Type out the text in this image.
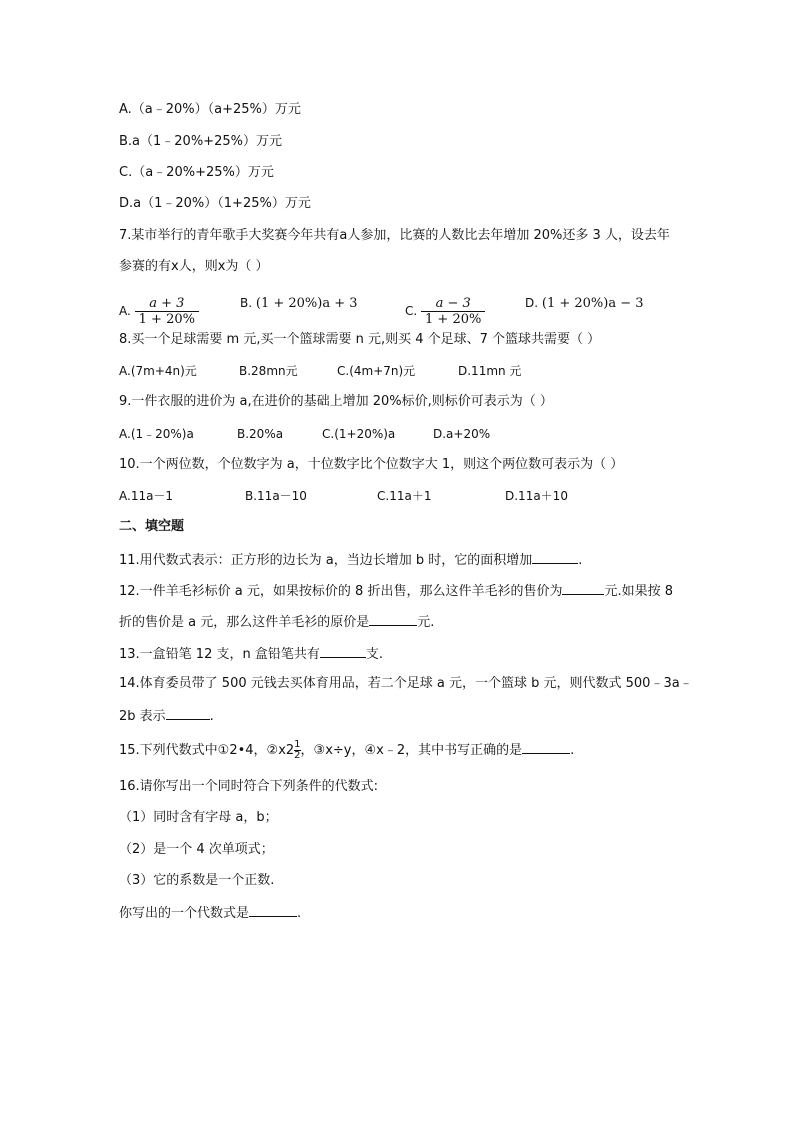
A.（a﹣20%）（a+25%）万元
B.a（1﹣20%+25%）万元
C.（a﹣20%+25%）万元
D.a（1﹣20%）（1+25%）万元
7.某市举行的青年歌手大奖赛今年共有a人参加，比赛的人数比去年增加 20%还多 3 人，设去年
参赛的有x人，则x为（ ）
A. $\frac{a + 3}{1 + 20\%}$	B. (1 + 20%)a + 3	C. $\frac{a - 3}{1 + 20\%}$	D. (1 + 20%)a − 3
8.买一个足球需要 m 元,买一个篮球需要 n 元,则买 4 个足球、7 个篮球共需要（ ）
A.(7m+4n)元	B.28mn元	C.(4m+7n)元	D.11mn 元
9.一件衣服的进价为 a,在进价的基础上增加 20%标价,则标价可表示为（ ）
A.(1﹣20%)a	B.20%a	C.(1+20%)a	D.a+20%
10.一个两位数，个位数字为 a，十位数字比个位数字大 1，则这个两位数可表示为（ ）
A.11a－1	B.11a－10	C.11a＋1	D.11a＋10
二、填空题
11.用代数式表示：正方形的边长为 a，当边长增加 b 时，它的面积增加	.
12.一件羊毛衫标价 a 元，如果按标价的 8 折出售，那么这件羊毛衫的售价为	元.如果按 8
折的售价是 a 元，那么这件羊毛衫的原价是	元.
13.一盒铅笔 12 支，n 盒铅笔共有	支.
14.体育委员带了 500 元钱去买体育用品，若二个足球 a 元，一个篮球 b 元，则代数式 500﹣3a﹣
2b 表示	.
15.下列代数式中①2•4，②x2 $\frac{1}{2}$ ，③x÷y，④x﹣2，其中书写正确的是	.
16.请你写出一个同时符合下列条件的代数式:
（1）同时含有字母 a，b；
（2）是一个 4 次单项式；
（3）它的系数是一个正数.
你写出的一个代数式是	.
